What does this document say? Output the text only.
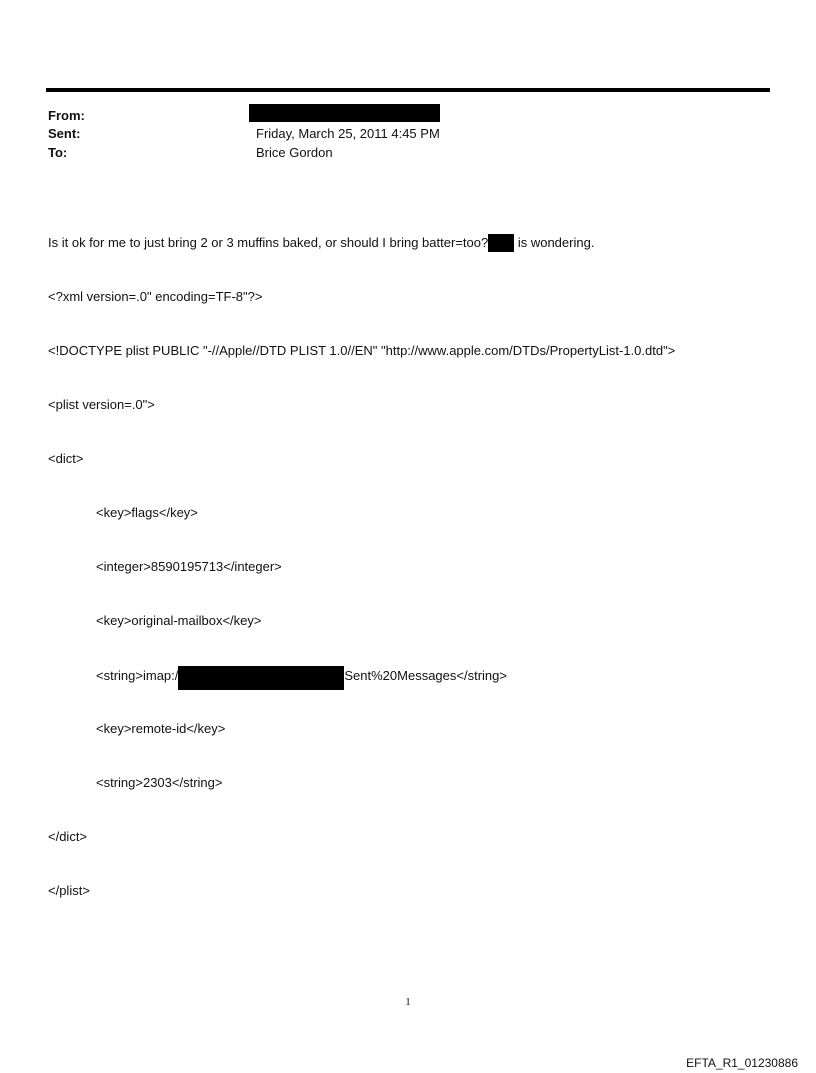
From:
Sent:	Friday, March 25, 2011 4:45 PM
To:	Brice Gordon

Is it ok for me to just bring 2 or 3 muffins baked, or should I bring batter=too? is wondering.

<?xml version=.0" encoding=TF-8"?>

<!DOCTYPE plist PUBLIC "-//Apple//DTD PLIST 1.0//EN" "http://www.apple.com/DTDs/PropertyList-1.0.dtd">

<plist version=.0">

<dict>

<key>flags</key>

<integer>8590195713</integer>

<key>original-mailbox</key>

<string>imap:/	Sent%20Messages</string>

<key>remote-id</key>

<string>2303</string>

</dict>

</plist>

1
EFTA_R1_01230886
